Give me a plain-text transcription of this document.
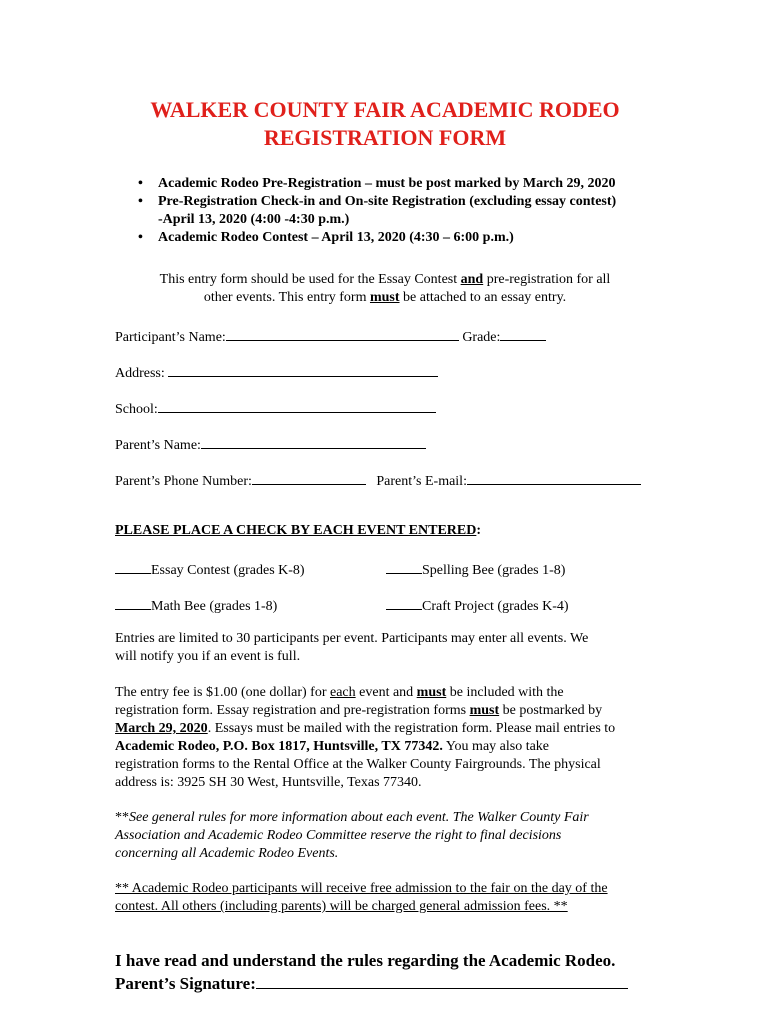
WALKER COUNTY FAIR ACADEMIC RODEO
REGISTRATION FORM
• Academic Rodeo Pre-Registration – must be post marked by March 29, 2020
• Pre-Registration Check-in and On-site Registration (excluding essay contest)
-April 13, 2020 (4:00 -4:30 p.m.)
• Academic Rodeo Contest – April 13, 2020 (4:30 – 6:00 p.m.)
This entry form should be used for the Essay Contest and pre-registration for all
other events. This entry form must be attached to an essay entry.
Participant’s Name:	Grade:
Address:
School:
Parent’s Name:
Parent’s Phone Number:	Parent’s E-mail:
PLEASE PLACE A CHECK BY EACH EVENT ENTERED:
Essay Contest (grades K-8)	Spelling Bee (grades 1-8)
Math Bee (grades 1-8)	Craft Project (grades K-4)
Entries are limited to 30 participants per event. Participants may enter all events. We
will notify you if an event is full.
The entry fee is $1.00 (one dollar) for each event and must be included with the
registration form. Essay registration and pre-registration forms must be postmarked by
March 29, 2020. Essays must be mailed with the registration form. Please mail entries to
Academic Rodeo, P.O. Box 1817, Huntsville, TX 77342. You may also take
registration forms to the Rental Office at the Walker County Fairgrounds. The physical
address is: 3925 SH 30 West, Huntsville, Texas 77340.
**See general rules for more information about each event. The Walker County Fair
Association and Academic Rodeo Committee reserve the right to final decisions
concerning all Academic Rodeo Events.
** Academic Rodeo participants will receive free admission to the fair on the day of the
contest. All others (including parents) will be charged general admission fees. **
I have read and understand the rules regarding the Academic Rodeo.
Parent’s Signature:
